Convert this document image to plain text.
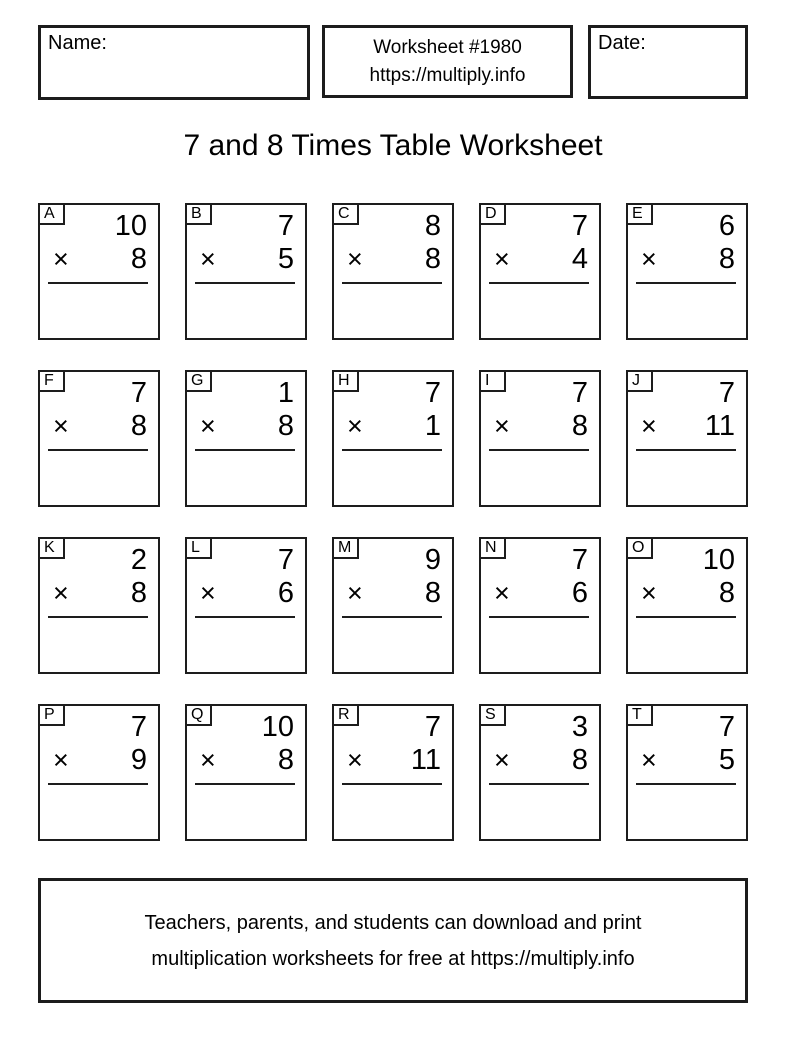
Name:	Worksheet #1980
https://multiply.info
Date:
7 and 8 Times Table Worksheet
A	10
× 8
B	7
× 5
C	8
× 8
D	7
× 4
E	6
× 8
F	7
× 8
G	1
× 8
H	7
× 1
I	7
× 8
J	7
× 11
K	2
× 8
L	7
× 6
M	9
× 8
N	7
× 6
O	10
× 8
P	7
× 9
Q	10
× 8
R	7
× 11
S	3
× 8
T	7
× 5
Teachers, parents, and students can download and print
multiplication worksheets for free at https://multiply.info
